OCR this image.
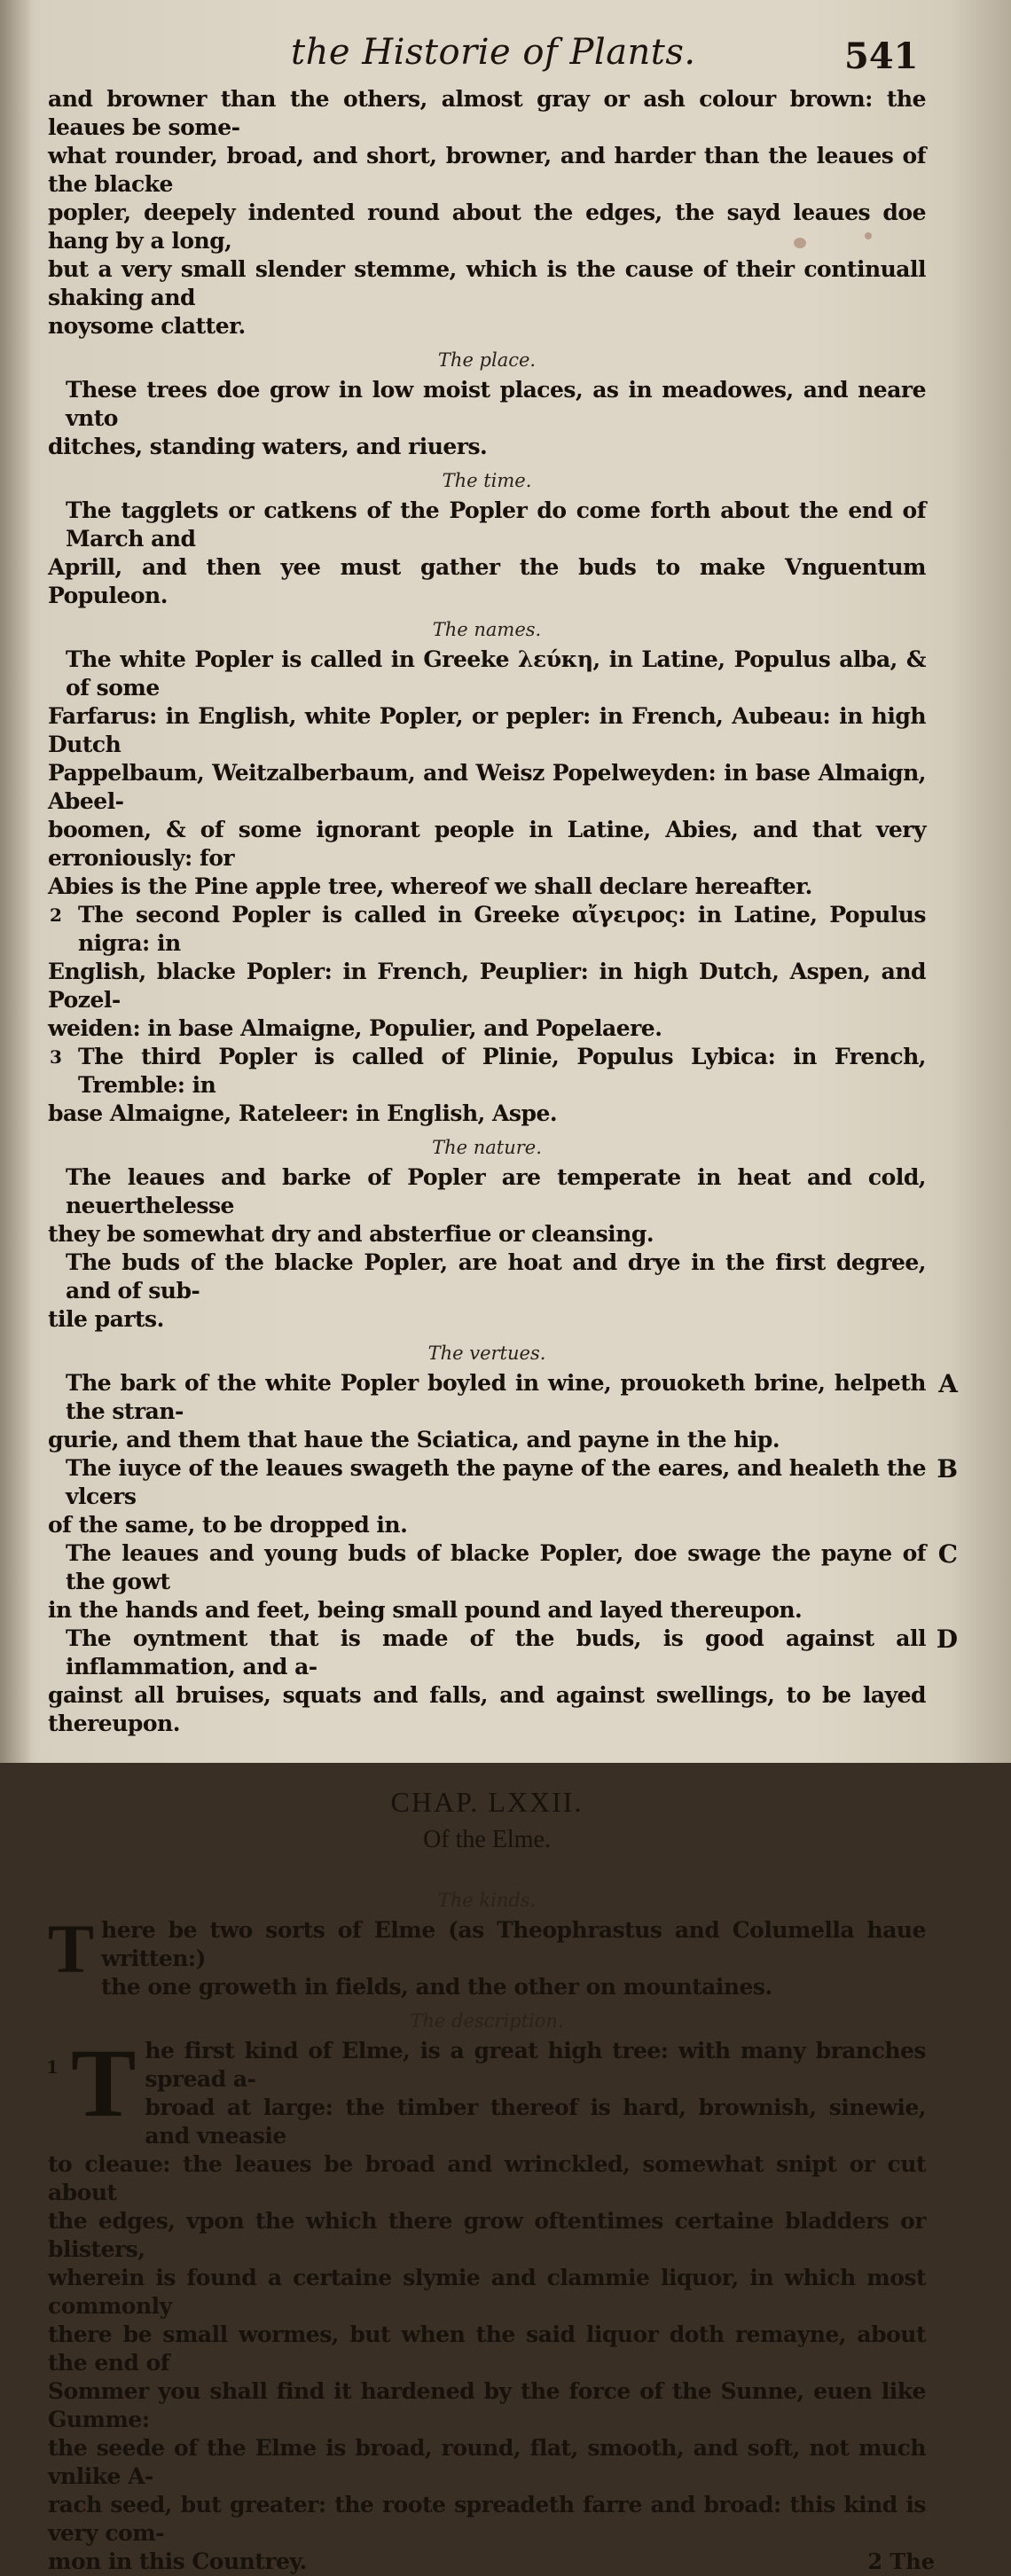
the Historie of Plants.	541

and browner than the others, almost gray or ash colour brown: the leaues be some-

what rounder, broad, and short, browner, and harder than the leaues of the blacke

popler, deepely indented round about the edges, the sayd leaues doe hang by a long,

but a very small slender stemme, which is the cause of their continuall shaking and

noysome clatter.

The place.

These trees doe grow in low moist places, as in meadowes, and neare vnto

ditches, standing waters, and riuers.

The time.

The tagglets or catkens of the Popler do come forth about the end of March and

Aprill, and then yee must gather the buds to make Vnguentum Populeon.

The names.

The white Popler is called in Greeke λεύκη, in Latine, Populus alba, & of some

Farfarus: in English, white Popler, or pepler: in French, Aubeau: in high Dutch

Pappelbaum, Weitzalberbaum, and Weisz Popelweyden: in base Almaign, Abeel-

boomen, & of some ignorant people in Latine, Abies, and that very erroniously: for

Abies is the Pine apple tree, whereof we shall declare hereafter.

2 The second Popler is called in Greeke αἴγειρος: in Latine, Populus nigra: in

English, blacke Popler: in French, Peuplier: in high Dutch, Aspen, and Pozel-

weiden: in base Almaigne, Populier, and Popelaere.

3 The third Popler is called of Plinie, Populus Lybica: in French, Tremble: in

base Almaigne, Rateleer: in English, Aspe.

The nature.

The leaues and barke of Popler are temperate in heat and cold, neuerthelesse

they be somewhat dry and absterfiue or cleansing.

The buds of the blacke Popler, are hoat and drye in the first degree, and of sub-

tile parts.

The vertues.
A

The bark of the white Popler boyled in wine, prouoketh brine, helpeth the stran-

gurie, and them that haue the Sciatica, and payne in the hip.

B

The iuyce of the leaues swageth the payne of the eares, and healeth the vlcers

of the same, to be dropped in.

C

The leaues and young buds of blacke Popler, doe swage the payne of the gowt

in the hands and feet, being small pound and layed thereupon.

D

The oyntment that is made of the buds, is good against all inflammation, and a-

gainst all bruises, squats and falls, and against swellings, to be layed thereupon.

CHAP. LXXII.
Of the Elme.
The kinds.
T here be two sorts of Elme (as Theophrastus and Columella haue written:)

the one groweth in fields, and the other on mountaines.

The description.
1 T he first kind of Elme, is a great high tree: with many branches spread a-

broad at large: the timber thereof is hard, brownish, sinewie, and vneasie

to cleaue: the leaues be broad and wrinckled, somewhat snipt or cut about

the edges, vpon the which there grow oftentimes certaine bladders or blisters,

wherein is found a certaine slymie and clammie liquor, in which most commonly

there be small wormes, but when the said liquor doth remayne, about the end of

Sommer you shall find it hardened by the force of the Sunne, euen like Gumme:

the seede of the Elme is broad, round, flat, smooth, and soft, not much vnlike A-

rach seed, but greater: the roote spreadeth farre and broad: this kind is very com-

mon in this Countrey.	2 The
